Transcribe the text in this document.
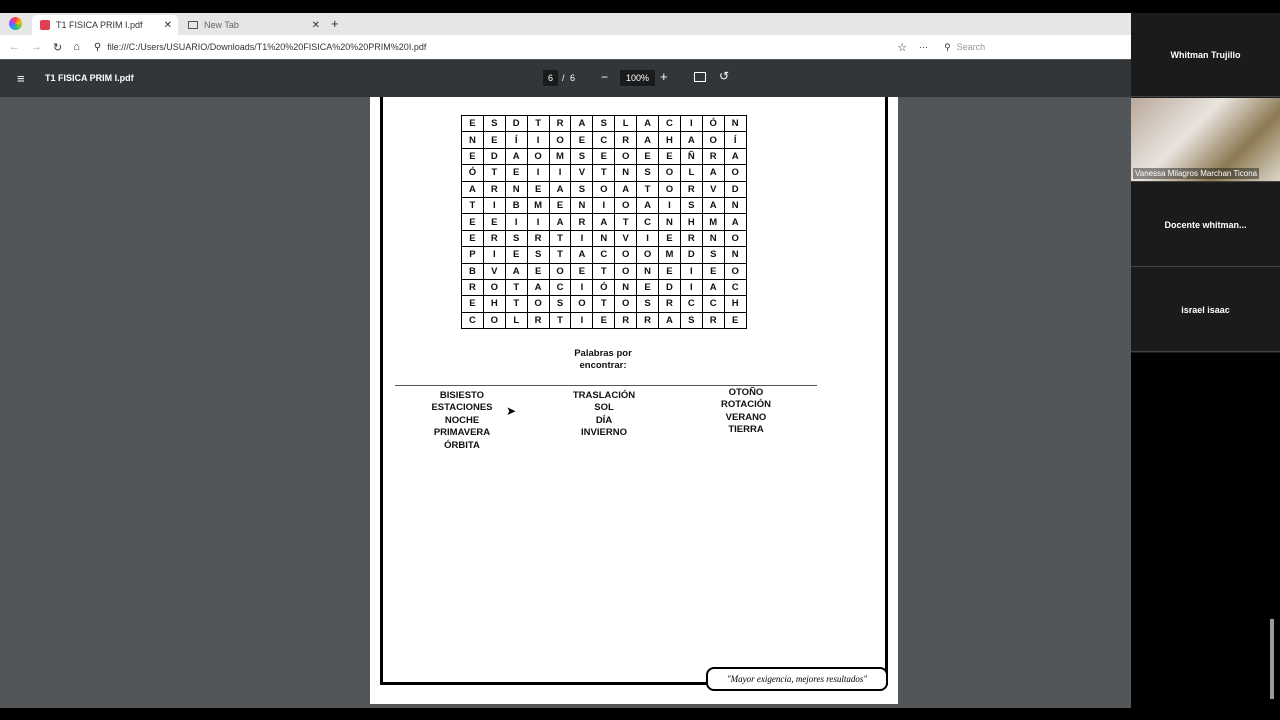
T1 FISICA PRIM I.pdf ✕	New Tab	✕ +
← → ↻ ⌂ ⚲ file:///C:/Users/USUARIO/Downloads/T1%20%20FISICA%20%20PRIM%20I.pdf	☆ ··· ⚲ Search
≡ T1 FISICA PRIM I.pdf	6 / 6 −	100% +	↺
E	S	D	T	R	A	S	L	A	C	I	Ó	N
N	E	Í	I	O	E	C	R	A	H	A	O	Í
E	D	A	O	M	S	E	O	E	E	Ñ	R	A
Ó	T	E	I	I	V	T	N	S	O	L	A	O
A	R	N	E	A	S	O	A	T	O	R	V	D
T	I	B	M	E	N	I	O	A	I	S	A	N
E	E	I	I	A	R	A	T	C	N	H	M	A
E	R	S	R	T	I	N	V	I	E	R	N	O
P	I	E	S	T	A	C	O	O	M	D	S	N
B	V	A	E	O	E	T	O	N	E	I	E	O
R	O	T	A	C	I	Ó	N	E	D	I	A	C
E	H	T	O	S	O	T	O	S	R	C	C	H
C	O	L	R	T	I	E	R	R	A	S	R	E
Palabras por encontrar:
BISIESTO
ESTACIONES
NOCHE
PRIMAVERA
ÓRBITA
TRASLACIÓN
SOL
DÍA
INVIERNO
OTOÑO
ROTACIÓN
VERANO
TIERRA
"Mayor exigencia, mejores resultados"
➤
Whitman Trujillo
Vanessa Milagros Marchan Ticona
Docente whitman...
israel isaac
